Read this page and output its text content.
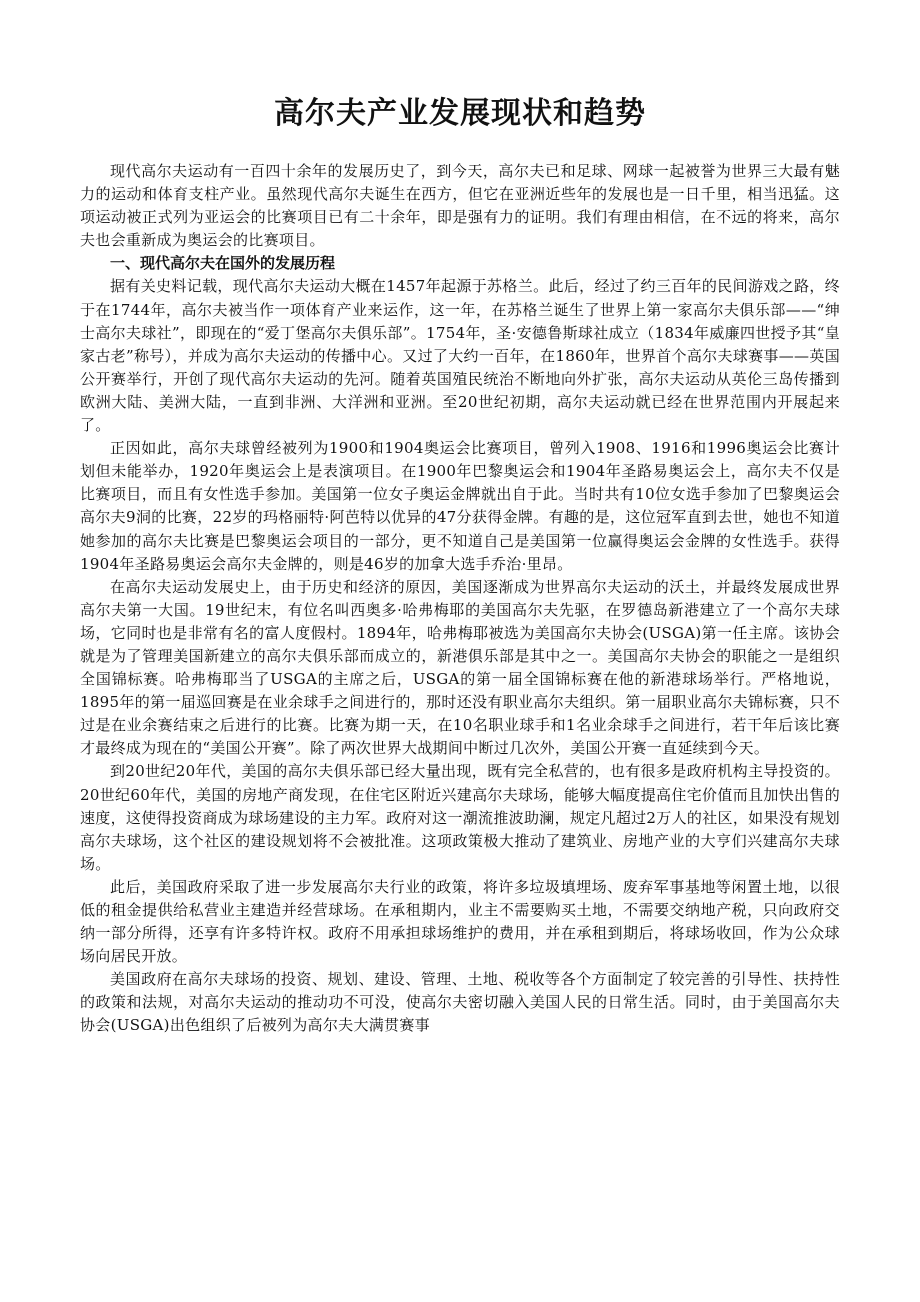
高尔夫产业发展现状和趋势

现代高尔夫运动有一百四十余年的发展历史了，到今天，高尔夫已和足球、网球一起被誉为世界三大最有魅力的运动和体育支柱产业。虽然现代高尔夫诞生在西方，但它在亚洲近些年的发展也是一日千里，相当迅猛。这项运动被正式列为亚运会的比赛项目已有二十余年，即是强有力的证明。我们有理由相信，在不远的将来，高尔夫也会重新成为奥运会的比赛项目。

一、现代高尔夫在国外的发展历程

据有关史料记载，现代高尔夫运动大概在1457年起源于苏格兰。此后，经过了约三百年的民间游戏之路，终于在1744年，高尔夫被当作一项体育产业来运作，这一年，在苏格兰诞生了世界上第一家高尔夫俱乐部——“绅士高尔夫球社”，即现在的“爱丁堡高尔夫俱乐部”。1754年，圣·安德鲁斯球社成立（1834年威廉四世授予其“皇家古老”称号），并成为高尔夫运动的传播中心。又过了大约一百年，在1860年，世界首个高尔夫球赛事——英国公开赛举行，开创了现代高尔夫运动的先河。随着英国殖民统治不断地向外扩张，高尔夫运动从英伦三岛传播到欧洲大陆、美洲大陆，一直到非洲、大洋洲和亚洲。至20世纪初期，高尔夫运动就已经在世界范围内开展起来了。

正因如此，高尔夫球曾经被列为1900和1904奥运会比赛项目，曾列入1908、1916和1996奥运会比赛计划但未能举办，1920年奥运会上是表演项目。在1900年巴黎奥运会和1904年圣路易奥运会上，高尔夫不仅是比赛项目，而且有女性选手参加。美国第一位女子奥运金牌就出自于此。当时共有10位女选手参加了巴黎奥运会高尔夫9洞的比赛，22岁的玛格丽特·阿芭特以优异的47分获得金牌。有趣的是，这位冠军直到去世，她也不知道她参加的高尔夫比赛是巴黎奥运会项目的一部分，更不知道自己是美国第一位赢得奥运会金牌的女性选手。获得1904年圣路易奥运会高尔夫金牌的，则是46岁的加拿大选手乔治·里昂。

在高尔夫运动发展史上，由于历史和经济的原因，美国逐渐成为世界高尔夫运动的沃土，并最终发展成世界高尔夫第一大国。19世纪末，有位名叫西奥多·哈弗梅耶的美国高尔夫先驱，在罗德岛新港建立了一个高尔夫球场，它同时也是非常有名的富人度假村。1894年，哈弗梅耶被选为美国高尔夫协会(USGA)第一任主席。该协会就是为了管理美国新建立的高尔夫俱乐部而成立的，新港俱乐部是其中之一。美国高尔夫协会的职能之一是组织全国锦标赛。哈弗梅耶当了USGA的主席之后，USGA的第一届全国锦标赛在他的新港球场举行。严格地说，1895年的第一届巡回赛是在业余球手之间进行的，那时还没有职业高尔夫组织。第一届职业高尔夫锦标赛，只不过是在业余赛结束之后进行的比赛。比赛为期一天，在10名职业球手和1名业余球手之间进行，若干年后该比赛才最终成为现在的“美国公开赛”。除了两次世界大战期间中断过几次外，美国公开赛一直延续到今天。

到20世纪20年代，美国的高尔夫俱乐部已经大量出现，既有完全私营的，也有很多是政府机构主导投资的。20世纪60年代，美国的房地产商发现，在住宅区附近兴建高尔夫球场，能够大幅度提高住宅价值而且加快出售的速度，这使得投资商成为球场建设的主力军。政府对这一潮流推波助澜，规定凡超过2万人的社区，如果没有规划高尔夫球场，这个社区的建设规划将不会被批准。这项政策极大推动了建筑业、房地产业的大亨们兴建高尔夫球场。

此后，美国政府采取了进一步发展高尔夫行业的政策，将许多垃圾填埋场、废弃军事基地等闲置土地，以很低的租金提供给私营业主建造并经营球场。在承租期内，业主不需要购买土地，不需要交纳地产税，只向政府交纳一部分所得，还享有许多特许权。政府不用承担球场维护的费用，并在承租到期后，将球场收回，作为公众球场向居民开放。

美国政府在高尔夫球场的投资、规划、建设、管理、土地、税收等各个方面制定了较完善的引导性、扶持性的政策和法规，对高尔夫运动的推动功不可没，使高尔夫密切融入美国人民的日常生活。同时，由于美国高尔夫协会(USGA)出色组织了后被列为高尔夫大满贯赛事
